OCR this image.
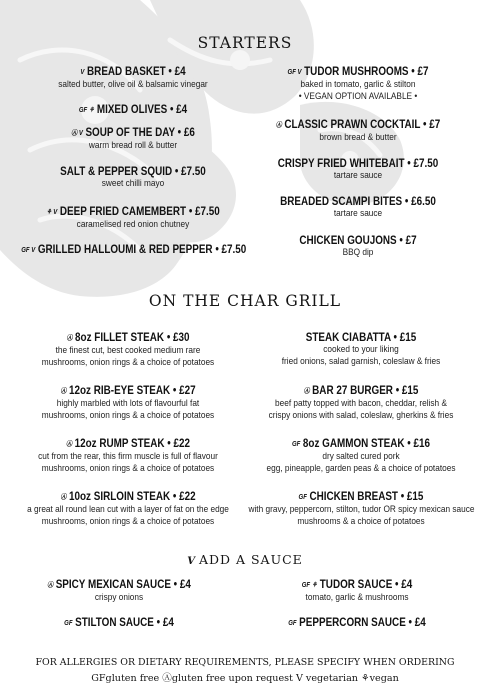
STARTERS
V BREAD BASKET • £4
salted butter, olive oil & balsamic vinegar
GF ⚘ MIXED OLIVES • £4
Ⓐ V SOUP OF THE DAY • £6
warm bread roll & butter
SALT & PEPPER SQUID • £7.50
sweet chilli mayo
⚘ V DEEP FRIED CAMEMBERT • £7.50
caramelised red onion chutney
GF V GRILLED HALLOUMI & RED PEPPER • £7.50
GF V TUDOR MUSHROOMS • £7
baked in tomato, garlic & stilton
• VEGAN OPTION AVAILABLE •
Ⓐ CLASSIC PRAWN COCKTAIL • £7
brown bread & butter
CRISPY FRIED WHITEBAIT • £7.50
tartare sauce
BREADED SCAMPI BITES • £6.50
tartare sauce
CHICKEN GOUJONS • £7
BBQ dip
ON THE CHAR GRILL
Ⓐ 8oz FILLET STEAK • £30
the finest cut, best cooked medium rare
mushrooms, onion rings & a choice of potatoes
Ⓐ 12oz RIB-EYE STEAK • £27
highly marbled with lots of flavourful fat
mushrooms, onion rings & a choice of potatoes
Ⓐ 12oz RUMP STEAK • £22
cut from the rear, this firm muscle is full of flavour
mushrooms, onion rings & a choice of potatoes
Ⓐ 10oz SIRLOIN STEAK • £22
a great all round lean cut with a layer of fat on the edge
mushrooms, onion rings & a choice of potatoes
STEAK CIABATTA • £15
cooked to your liking
fried onions, salad garnish, coleslaw & fries
Ⓐ BAR 27 BURGER • £15
beef patty topped with bacon, cheddar, relish &
crispy onions with salad, coleslaw, gherkins & fries
GF 8oz GAMMON STEAK • £16
dry salted cured pork
egg, pineapple, garden peas & a choice of potatoes
GF CHICKEN BREAST • £15
with gravy, peppercorn, stilton, tudor OR spicy mexican sauce
mushrooms & a choice of potatoes
V ADD A SAUCE
Ⓐ SPICY MEXICAN SAUCE • £4
crispy onions
GF STILTON SAUCE • £4
GF ⚘ TUDOR SAUCE • £4
tomato, garlic & mushrooms
GF PEPPERCORN SAUCE • £4
FOR ALLERGIES OR DIETARY REQUIREMENTS, PLEASE SPECIFY WHEN ORDERING
GFgluten free Ⓐgluten free upon request V vegetarian ⚘vegan
